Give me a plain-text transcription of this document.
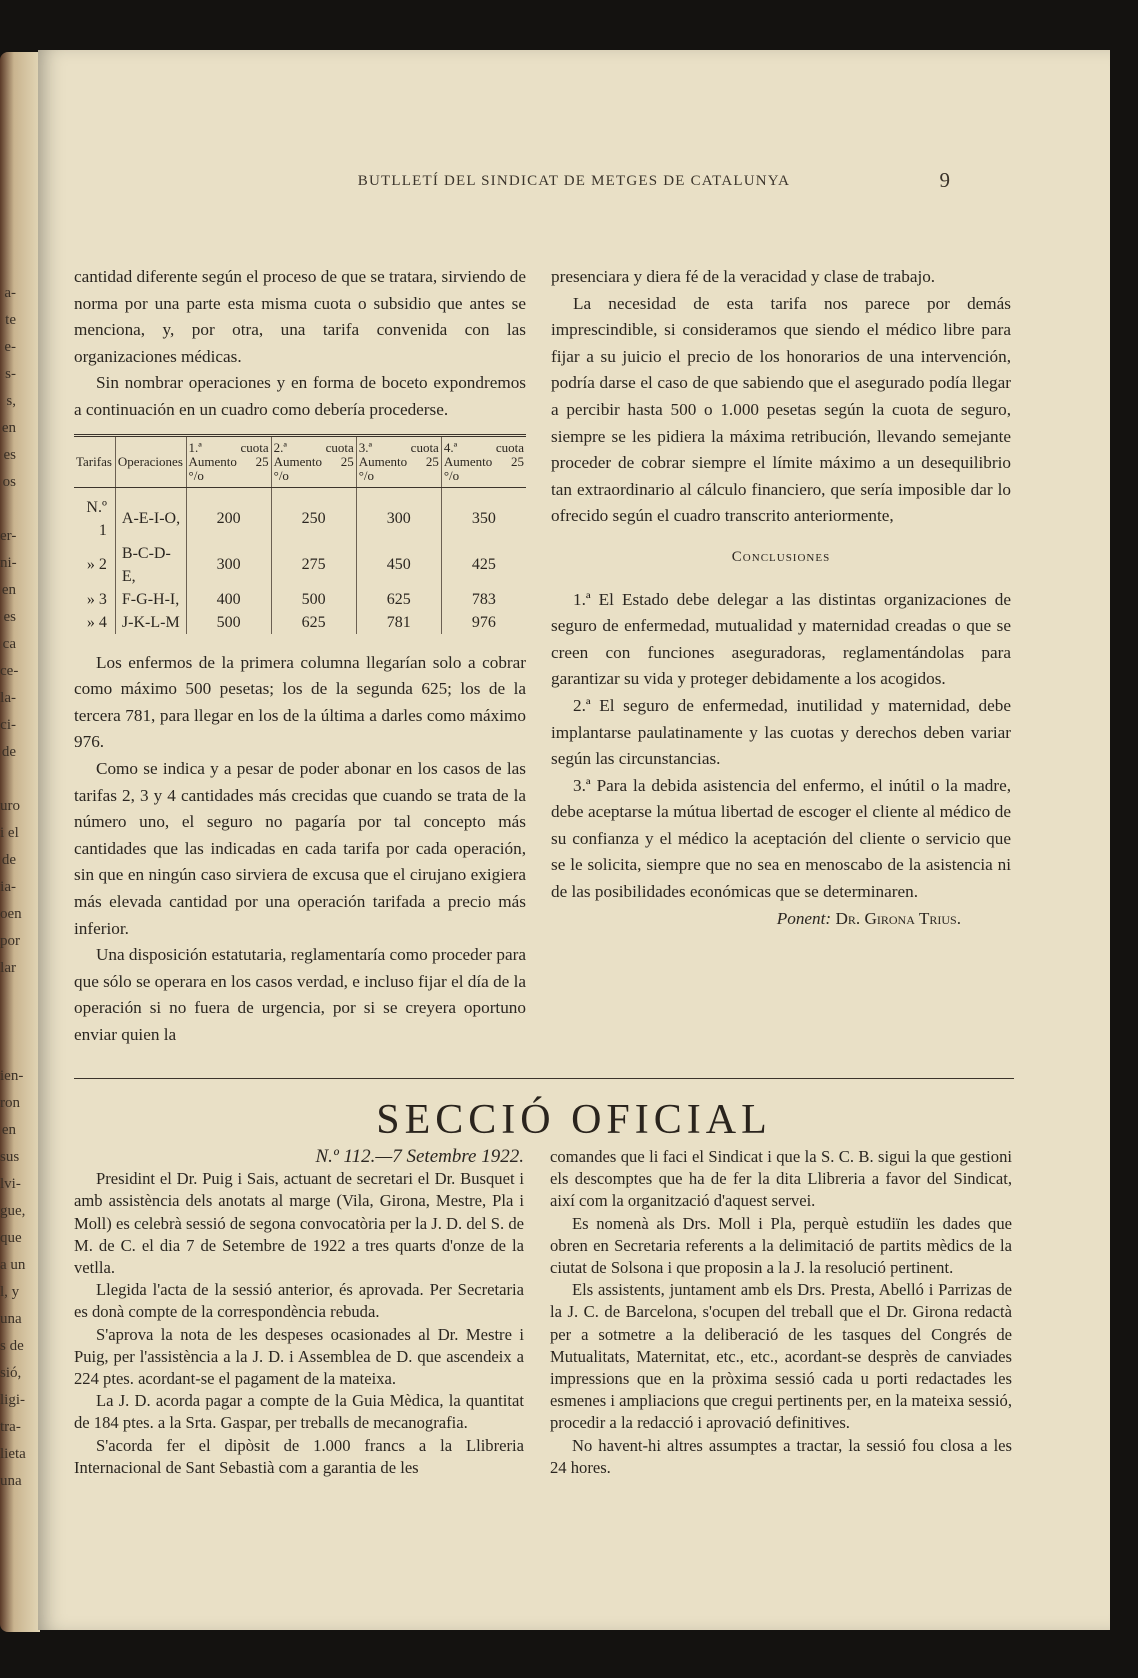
a-
te
e-
s-
s,
en
es
os

er-
ni-
en
es
ca
ce-
la-
ci-
de

uro
i el
de
ia-
oen
por
lar

ien-
ron
en
sus
lvi-
gue,
que
a un
l, y
una
s de
sió,
ligi-
tra-
lieta
una
BUTLLETÍ DEL SINDICAT DE METGES DE CATALUNYA	9

cantidad diferente según el proceso de que se tratara, sirviendo de norma por una parte esta misma cuota o subsidio que antes se menciona, y, por otra, una tarifa convenida con las organizaciones médicas.

Sin nombrar operaciones y en forma de boceto expondremos a continuación en un cuadro como debería procederse.

Tarifas	Operaciones	1.ª cuota Aumento 25 °/o	2.ª cuota Aumento 25 °/o	3.ª cuota Aumento 25 °/o	4.ª cuota Aumento 25 °/o
N.º 1	A-E-I-O,	200	250	300	350
» 2	B-C-D-E,	300	275	450	425
» 3	F-G-H-I,	400	500	625	783
» 4	J-K-L-M	500	625	781	976

Los enfermos de la primera columna llegarían solo a cobrar como máximo 500 pesetas; los de la segunda 625; los de la tercera 781, para llegar en los de la última a darles como máximo 976.

Como se indica y a pesar de poder abonar en los casos de las tarifas 2, 3 y 4 cantidades más crecidas que cuando se trata de la número uno, el seguro no pagaría por tal concepto más cantidades que las indicadas en cada tarifa por cada operación, sin que en ningún caso sirviera de excusa que el cirujano exigiera más elevada cantidad por una operación tarifada a precio más inferior.

Una disposición estatutaria, reglamentaría como proceder para que sólo se operara en los casos verdad, e incluso fijar el día de la operación si no fuera de urgencia, por si se creyera oportuno enviar quien la

presenciara y diera fé de la veracidad y clase de trabajo.

La necesidad de esta tarifa nos parece por demás imprescindible, si consideramos que siendo el médico libre para fijar a su juicio el precio de los honorarios de una intervención, podría darse el caso de que sabiendo que el asegurado podía llegar a percibir hasta 500 o 1.000 pesetas según la cuota de seguro, siempre se les pidiera la máxima retribución, llevando semejante proceder de cobrar siempre el límite máximo a un desequilibrio tan extraordinario al cálculo financiero, que sería imposible dar lo ofrecido según el cuadro transcrito anteriormente,

Conclusiones

1.ª El Estado debe delegar a las distintas organizaciones de seguro de enfermedad, mutualidad y maternidad creadas o que se creen con funciones aseguradoras, reglamentándolas para garantizar su vida y proteger debidamente a los acogidos.

2.ª El seguro de enfermedad, inutilidad y maternidad, debe implantarse paulatinamente y las cuotas y derechos deben variar según las circunstancias.

3.ª Para la debida asistencia del enfermo, el inútil o la madre, debe aceptarse la mútua libertad de escoger el cliente al médico de su confianza y el médico la aceptación del cliente o servicio que se le solicita, siempre que no sea en menoscabo de la asistencia ni de las posibilidades económicas que se determinaren.

Ponent: Dr. Girona Trius.

SECCIÓ OFICIAL

N.º 112.—7 Setembre 1922.

Presidint el Dr. Puig i Sais, actuant de secretari el Dr. Busquet i amb assistència dels anotats al marge (Vila, Girona, Mestre, Pla i Moll) es celebrà sessió de segona convocatòria per la J. D. del S. de M. de C. el dia 7 de Setembre de 1922 a tres quarts d'onze de la vetlla.

Llegida l'acta de la sessió anterior, és aprovada. Per Secretaria es donà compte de la correspondència rebuda.

S'aprova la nota de les despeses ocasionades al Dr. Mestre i Puig, per l'assistència a la J. D. i Assemblea de D. que ascendeix a 224 ptes. acordant-se el pagament de la mateixa.

La J. D. acorda pagar a compte de la Guia Mèdica, la quantitat de 184 ptes. a la Srta. Gaspar, per treballs de mecanografia.

S'acorda fer el dipòsit de 1.000 francs a la Llibreria Internacional de Sant Sebastià com a garantia de les

comandes que li faci el Sindicat i que la S. C. B. sigui la que gestioni els descomptes que ha de fer la dita Llibreria a favor del Sindicat, així com la organització d'aquest servei.

Es nomenà als Drs. Moll i Pla, perquè estudiïn les dades que obren en Secretaria referents a la delimitació de partits mèdics de la ciutat de Solsona i que proposin a la J. la resolució pertinent.

Els assistents, juntament amb els Drs. Presta, Abelló i Parrizas de la J. C. de Barcelona, s'ocupen del treball que el Dr. Girona redactà per a sotmetre a la deliberació de les tasques del Congrés de Mutualitats, Maternitat, etc., etc., acordant-se desprès de canviades impressions que en la pròxima sessió cada u porti redactades les esmenes i ampliacions que cregui pertinents per, en la mateixa sessió, procedir a la redacció i aprovació definitives.

No havent-hi altres assumptes a tractar, la sessió fou closa a les 24 hores.
